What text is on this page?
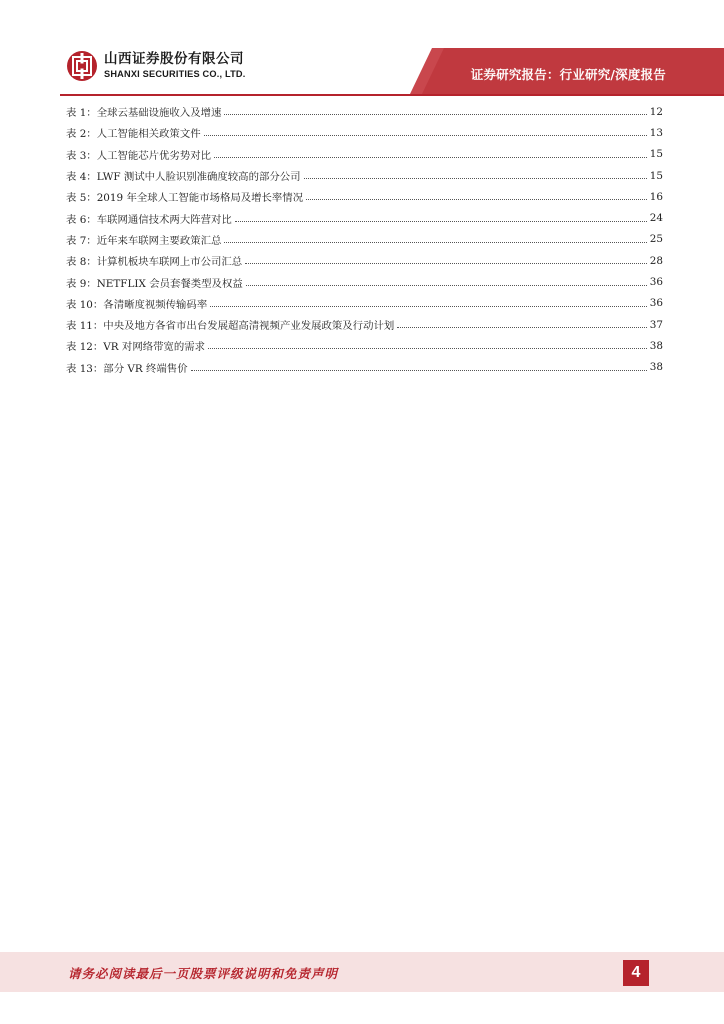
山西证券股份有限公司
SHANXI SECURITIES CO., LTD.	证券研究报告：行业研究/深度报告
表 1：全球云基础设施收入及增速	12
表 2：人工智能相关政策文件	13
表 3：人工智能芯片优劣势对比	15
表 4：LWF 测试中人脸识别准确度较高的部分公司	15
表 5：2019 年全球人工智能市场格局及增长率情况	16
表 6：车联网通信技术两大阵营对比	24
表 7：近年来车联网主要政策汇总	25
表 8：计算机板块车联网上市公司汇总	28
表 9：NETFLIX 会员套餐类型及权益	36
表 10：各清晰度视频传输码率	36
表 11：中央及地方各省市出台发展超高清视频产业发展政策及行动计划	37
表 12：VR 对网络带宽的需求	38
表 13：部分 VR 终端售价	38
请务必阅读最后一页股票评级说明和免责声明	4
